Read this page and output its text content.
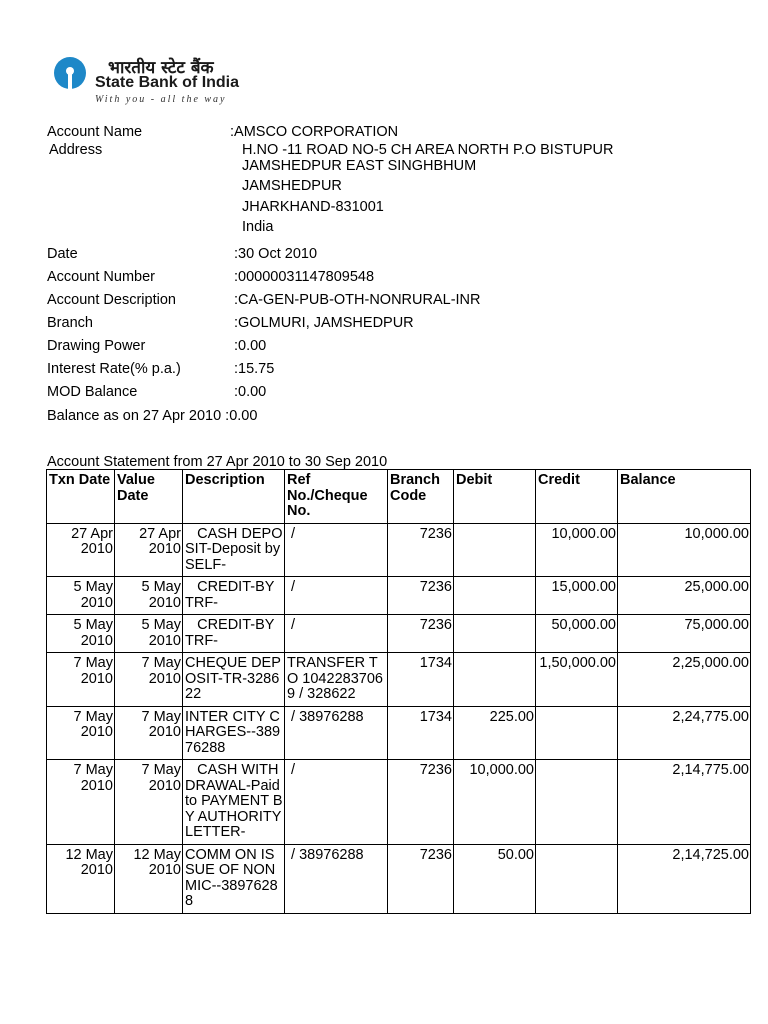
भारतीय स्टेट बैंक
State Bank of India
With you - all the way
Account Name	:AMSCO CORPORATION
Address	H.NO -11 ROAD NO-5 CH AREA NORTH P.O BISTUPUR
JAMSHEDPUR EAST SINGHBHUM
JAMSHEDPUR
JHARKHAND-831001
India
Date	:30 Oct 2010
Account Number	:00000031147809548
Account Description	:CA-GEN-PUB-OTH-NONRURAL-INR
Branch	:GOLMURI, JAMSHEDPUR
Drawing Power	:0.00
Interest Rate(% p.a.)	:15.75
MOD Balance	:0.00
Balance as on 27 Apr 2010 :0.00
Account Statement from 27 Apr 2010 to 30 Sep 2010
Txn Date	Value Date	Description	Ref No./Cheque No.	Branch Code	Debit	Credit	Balance
27 Apr 2010	27 Apr 2010	CASH DEPOSIT-Deposit by SELF-	/	7236		10,000.00	10,000.00
5 May 2010	5 May 2010	CREDIT-BY TRF-	/	7236		15,000.00	25,000.00
5 May 2010	5 May 2010	CREDIT-BY TRF-	/	7236		50,000.00	75,000.00
7 May 2010	7 May 2010	CHEQUE DEPOSIT-TR-328622	TRANSFER TO 10422837069 / 328622	1734		1,50,000.00	2,25,000.00
7 May 2010	7 May 2010	INTER CITY CHARGES--38976288	/ 38976288	1734	225.00		2,24,775.00
7 May 2010	7 May 2010	CASH WITHDRAWAL-Paid to PAYMENT BY AUTHORITY LETTER-	/	7236	10,000.00		2,14,775.00
12 May 2010	12 May 2010	COMM ON ISSUE OF NON MIC--38976288	/ 38976288	7236	50.00		2,14,725.00
